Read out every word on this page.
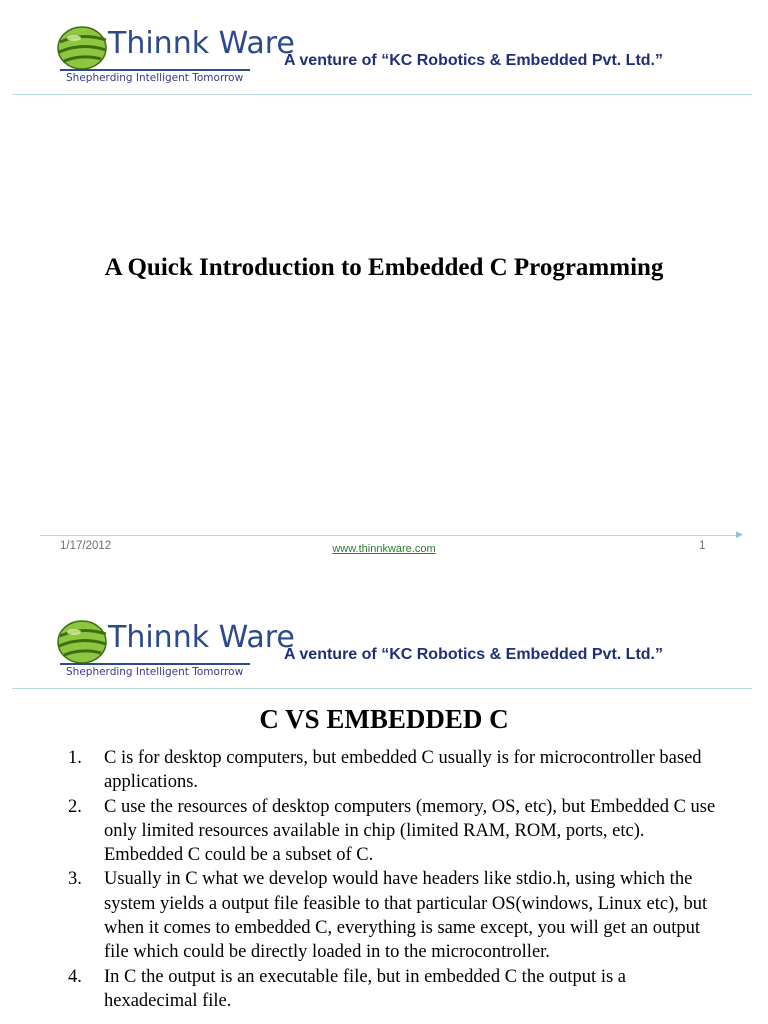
Thinnk Ware
Shepherding Intelligent Tomorrow
A venture of “KC Robotics & Embedded Pvt. Ltd.”
A Quick Introduction to Embedded C Programming
▶
1/17/2012	www.thinnkware.com	1
Thinnk Ware
Shepherding Intelligent Tomorrow
A venture of “KC Robotics & Embedded Pvt. Ltd.”
C VS EMBEDDED C
1. C is for desktop computers, but embedded C usually is for microcontroller based applications.
2. C use the resources of desktop computers (memory, OS, etc), but Embedded C use only limited resources available in chip (limited RAM, ROM, ports, etc). Embedded C could be a subset of C.
3. Usually in C what we develop would have headers like stdio.h, using which the system yields a output file feasible to that particular OS(windows, Linux etc), but when it comes to embedded C, everything is same except, you will get an output file which could be directly loaded in to the microcontroller.
4. In C the output is an executable file, but in embedded C the output is a hexadecimal file.
